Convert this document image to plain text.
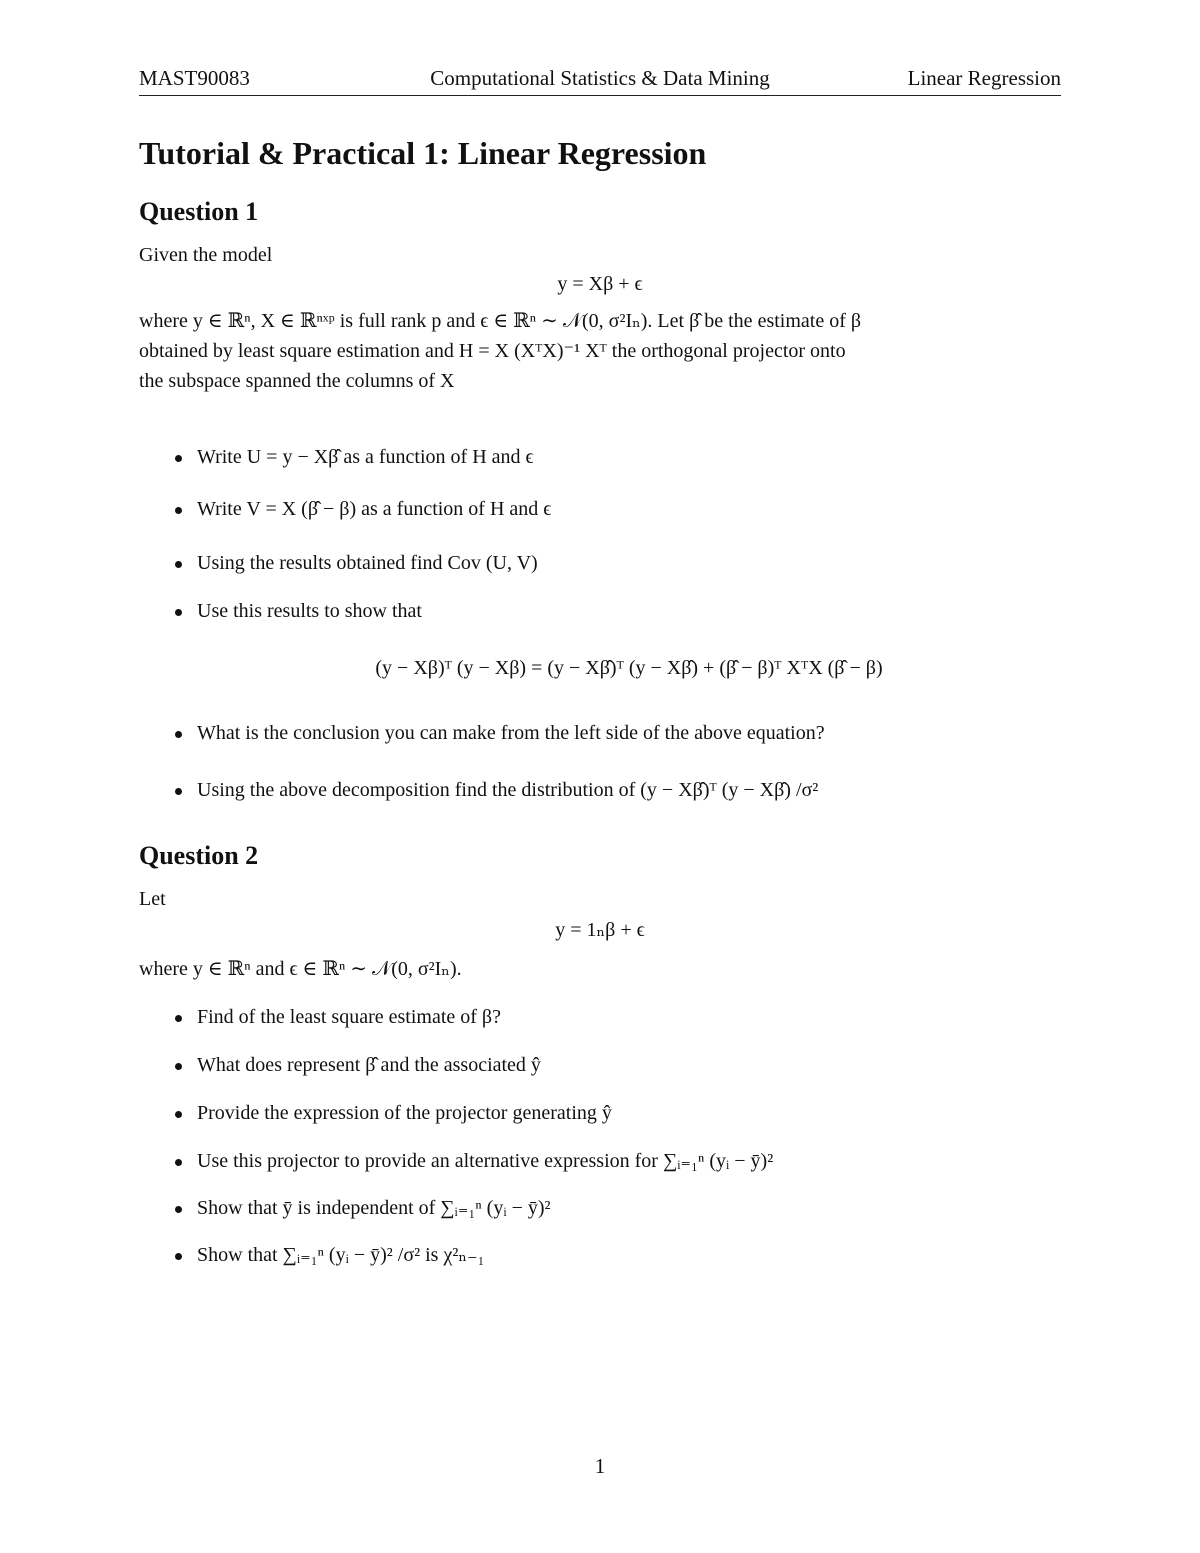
MAST90083	Computational Statistics & Data Mining	Linear Regression
Tutorial & Practical 1: Linear Regression
Question 1

Given the model

y = Xβ + ϵ

where y ∈ ℝⁿ, X ∈ ℝⁿˣᵖ is full rank p and ϵ ∈ ℝⁿ ∼ 𝒩(0, σ²Iₙ). Let β̂ be the estimate of β

obtained by least square estimation and H = X (XᵀX)⁻¹ Xᵀ the orthogonal projector onto

the subspace spanned the columns of X

Write U = y − Xβ̂ as a function of H and ϵ
Write V = X (β̂ − β) as a function of H and ϵ
Using the results obtained find Cov (U, V)
Use this results to show that

(y − Xβ)ᵀ (y − Xβ) = (y − Xβ̂)ᵀ (y − Xβ̂) + (β̂ − β)ᵀ XᵀX (β̂ − β)

What is the conclusion you can make from the left side of the above equation?
Using the above decomposition find the distribution of (y − Xβ̂)ᵀ (y − Xβ̂) /σ²
Question 2

Let

y = 1ₙβ + ϵ

where y ∈ ℝⁿ and ϵ ∈ ℝⁿ ∼ 𝒩(0, σ²Iₙ).

Find of the least square estimate of β?
What does represent β̂ and the associated ŷ
Provide the expression of the projector generating ŷ
Use this projector to provide an alternative expression for ∑ᵢ₌₁ⁿ (yᵢ − ȳ)²
Show that ȳ is independent of ∑ᵢ₌₁ⁿ (yᵢ − ȳ)²
Show that ∑ᵢ₌₁ⁿ (yᵢ − ȳ)² /σ² is χ²ₙ₋₁
1
